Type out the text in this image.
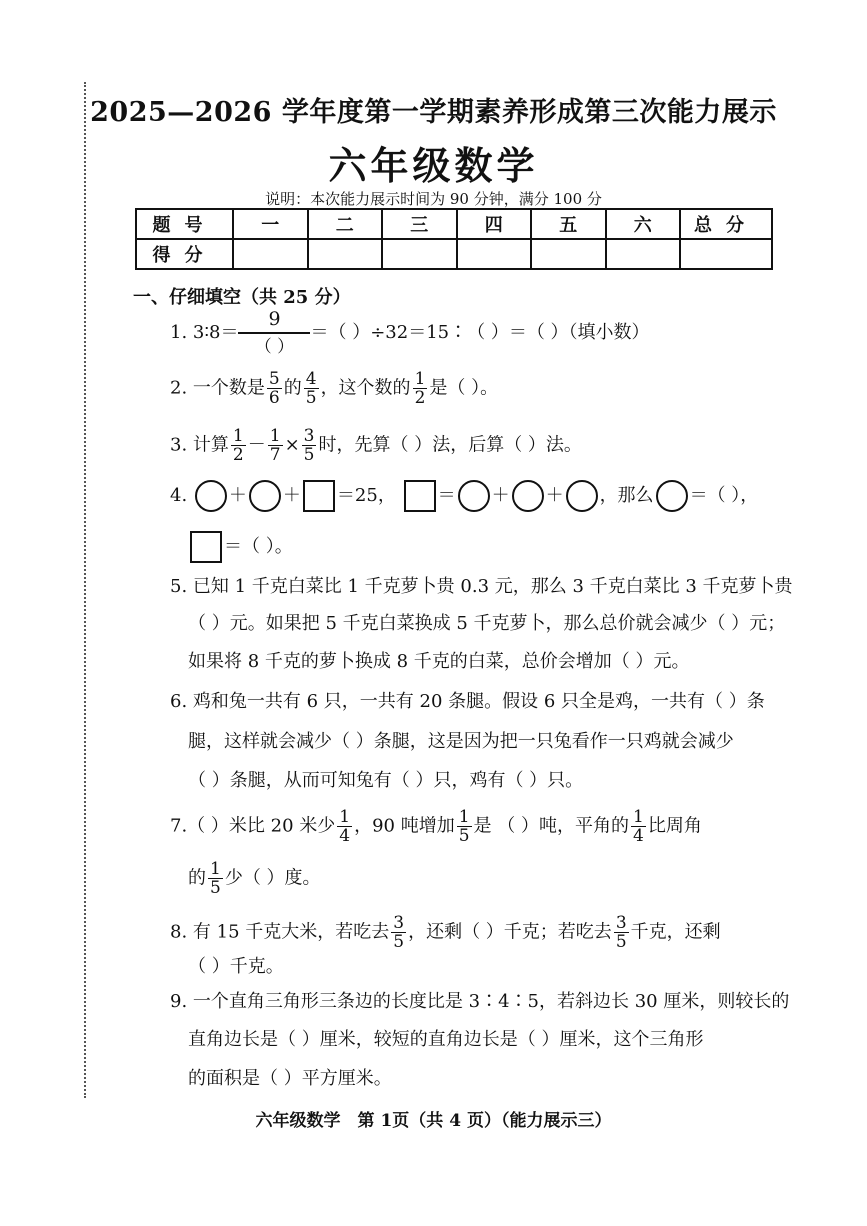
2025—2026 学年度第一学期素养形成第三次能力展示
六年级数学
说明：本次能力展示时间为 90 分钟，满分 100 分
题号	一	二	三	四	五	六	总分
得分							
一、仔细填空（共 25 分）
1. 3∶8＝
9
（ ）
＝（ ）÷32＝15∶（ ）＝（ ）（填小数）
2. 一个数是 $\frac{5}{6}$ 的 $\frac{4}{5}$ ，这个数的 $\frac{1}{2}$ 是（ ）。
3. 计算 $\frac{1}{2} - \frac{1}{7} \times \frac{3}{5}$ 时，先算（ ）法，后算（ ）法。
4. ＋ ＋ ＝25， ＝ ＋ ＋ ，那么 ＝（ ），
＝（ ）。
5. 已知 1 千克白菜比 1 千克萝卜贵 0.3 元，那么 3 千克白菜比 3 千克萝卜贵
（ ）元。如果把 5 千克白菜换成 5 千克萝卜，那么总价就会减少（ ）元；
如果将 8 千克的萝卜换成 8 千克的白菜，总价会增加（ ）元。
6. 鸡和兔一共有 6 只，一共有 20 条腿。假设 6 只全是鸡，一共有（ ）条
腿，这样就会减少（ ）条腿，这是因为把一只兔看作一只鸡就会减少
（ ）条腿，从而可知兔有（ ）只，鸡有（ ）只。
7.（ ）米比 20 米少 $\frac{1}{4}$ ，90 吨增加 $\frac{1}{5}$ 是 （ ）吨，平角的 $\frac{1}{4}$ 比周角
的 $\frac{1}{5}$ 少（ ）度。
8. 有 15 千克大米，若吃去 $\frac{3}{5}$ ，还剩（ ）千克；若吃去 $\frac{3}{5}$ 千克，还剩
（ ）千克。
9. 一个直角三角形三条边的长度比是 3∶4∶5，若斜边长 30 厘米，则较长的
直角边长是（ ）厘米，较短的直角边长是（ ）厘米，这个三角形
的面积是（ ）平方厘米。
六年级数学　第 1页（共 4 页）（能力展示三）
